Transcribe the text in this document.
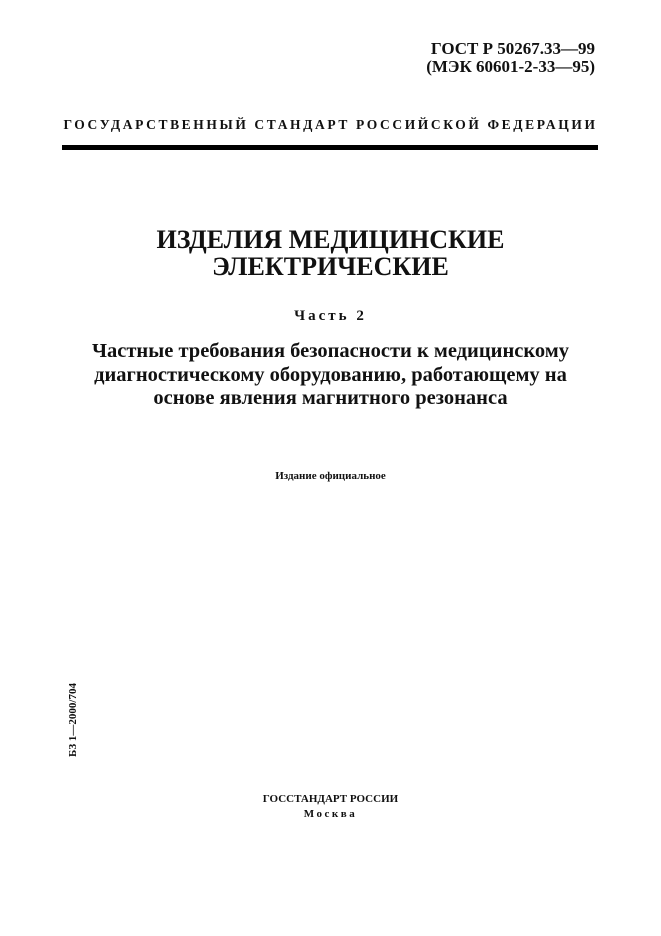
ГОСТ Р 50267.33—99
(МЭК 60601-2-33—95)
ГОСУДАРСТВЕННЫЙ СТАНДАРТ РОССИЙСКОЙ ФЕДЕРАЦИИ
ИЗДЕЛИЯ МЕДИЦИНСКИЕ
ЭЛЕКТРИЧЕСКИЕ
Часть 2
Частные требования безопасности к медицинскому
диагностическому оборудованию, работающему на
основе явления магнитного резонанса
Издание официальное
БЗ 1—2000/704
ГОССТАНДАРТ РОССИИ
Москва
